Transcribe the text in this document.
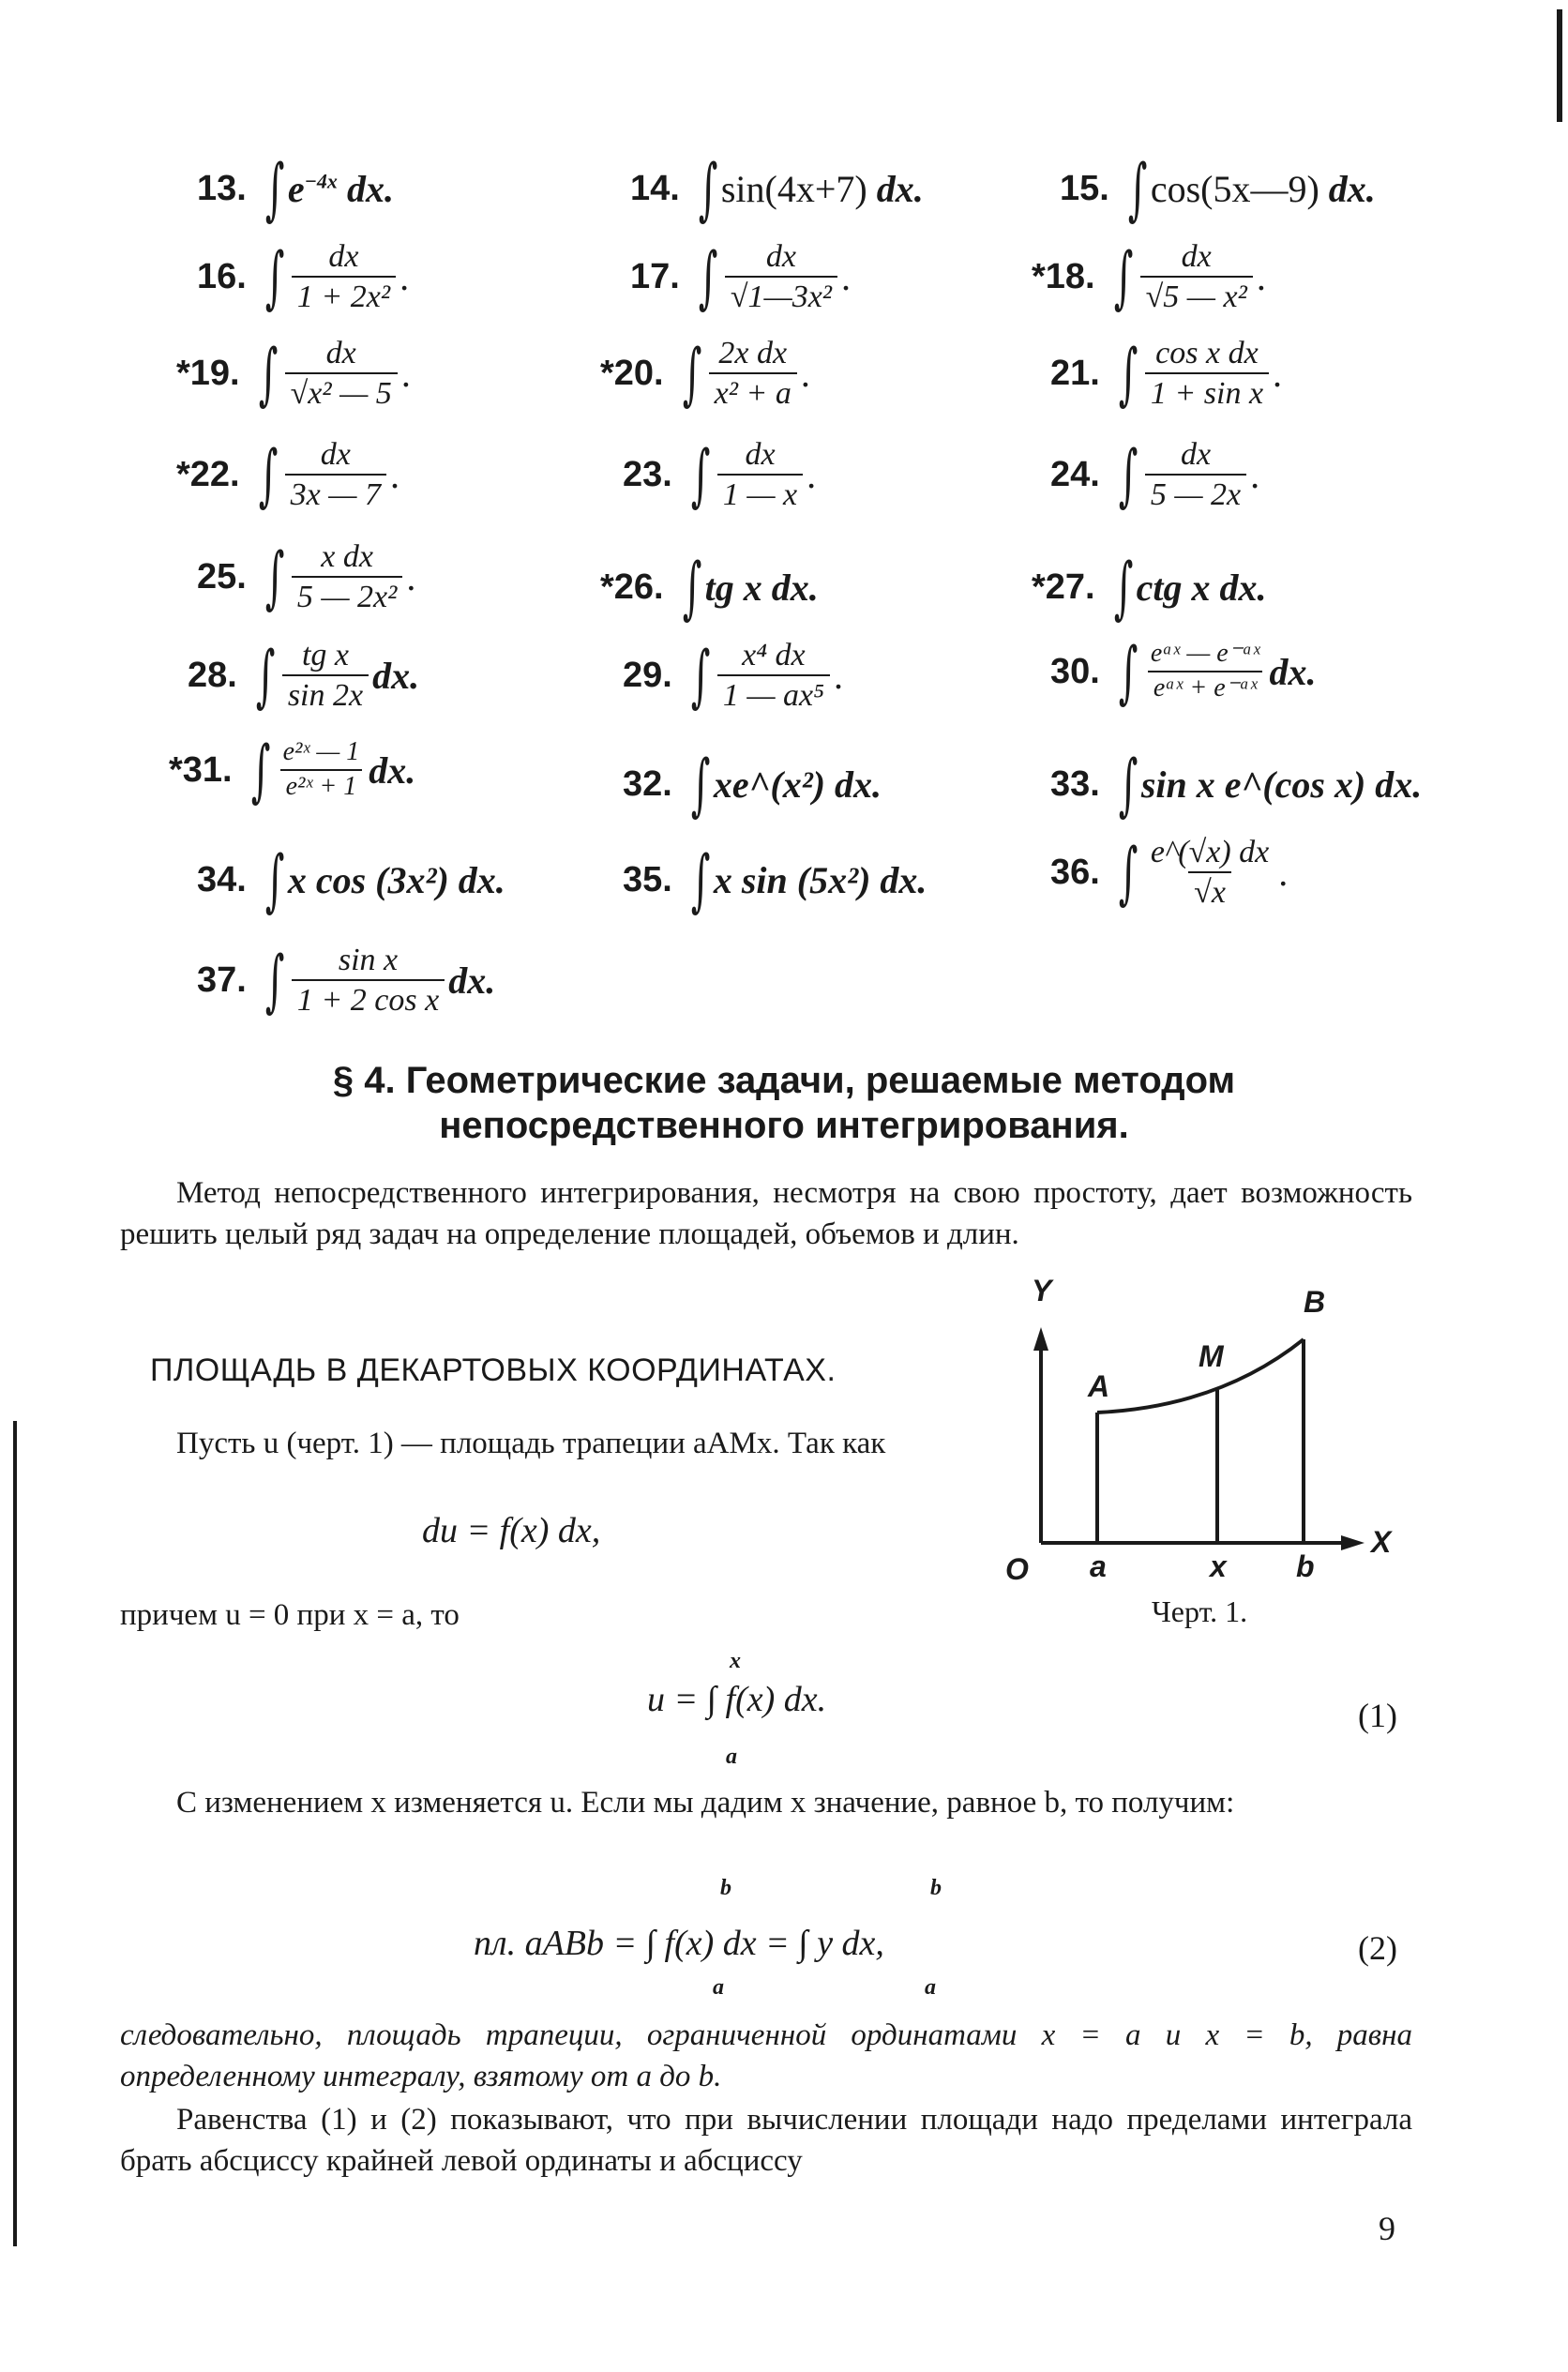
13. ∫ $e^{-4x}$ dx.	14. ∫ sin(4x+7) dx.	15. ∫ cos(5x—9) dx.
16. ∫ $\frac{dx}{\text{1 + 2x²}}$ .	17. ∫ $\frac{dx}{\text{√1—3x²}}$ .	*18. ∫ $\frac{dx}{\text{√5 — x²}}$ .
*19. ∫ $\frac{dx}{\text{√x² — 5}}$ .	*20. ∫ $\frac{\text{2x dx}}{\text{x² + a}}$ .	21. ∫ $\frac{\text{cos x dx}}{\text{1 + sin x}}$ .
*22. ∫ $\frac{dx}{3x — 7}$ .	23. ∫ $\frac{dx}{1 — x}$ .	24. ∫ $\frac{dx}{5 — 2x}$ .
25. ∫ $\frac{\text{x dx}}{\text{5 — 2x²}}$ .	*26. ∫ tg x dx.	*27. ∫ ctg x dx.
28. ∫ $\frac{\text{tg x}}{\sin 2x}$ dx.	29. ∫ $\frac{\text{x⁴ dx}}{\text{1 — ax⁵}}$ .	30. ∫ $\frac{\text{eᵃˣ — e⁻ᵃˣ}}{\text{eᵃˣ + e⁻ᵃˣ}}$ dx.
*31. ∫ $\frac{\text{e²ˣ — 1}}{\text{e²ˣ + 1}}$ dx.	32. ∫ xe^(x²) dx.	33. ∫ sin x e^(cos x) dx.
34. ∫ x cos (3x²) dx.	35. ∫ x sin (5x²) dx.	36. ∫ $\frac{e\^{}(√x) dx}{√x}$ .
37. ∫ $\frac{\text{sin x}}{\text{1 + 2 cos x}}$ dx.
§ 4. Геометрические задачи, решаемые методом
непосредственного интегрирования.
Метод непосредственного интегрирования, несмотря на свою простоту, дает возможность решить целый ряд задач на определение площадей, объемов и длин.
ПЛОЩАДЬ В ДЕКАРТОВЫХ КООРДИНАТАХ.
Пусть u (черт. 1) — площадь трапеции aAMx. Так как
du = f(x) dx,
причем u = 0 при x = a, то
u = ∫ f(x) dx.
x
a
(1)
С изменением x изменяется u. Если мы дадим x значение, равное b, то получим:
пл. aABb = ∫ f(x) dx = ∫ y dx,
b
a
b
a
(2)
следовательно, площадь трапеции, ограниченной ординатами x = a и x = b, равна определенному интегралу, взятому от a до b.
Равенства (1) и (2) показывают, что при вычислении площади надо пределами интеграла брать абсциссу крайней левой ординаты и абсциссу
9
Y
A
M
B
O a	x b
X
Черт. 1.
